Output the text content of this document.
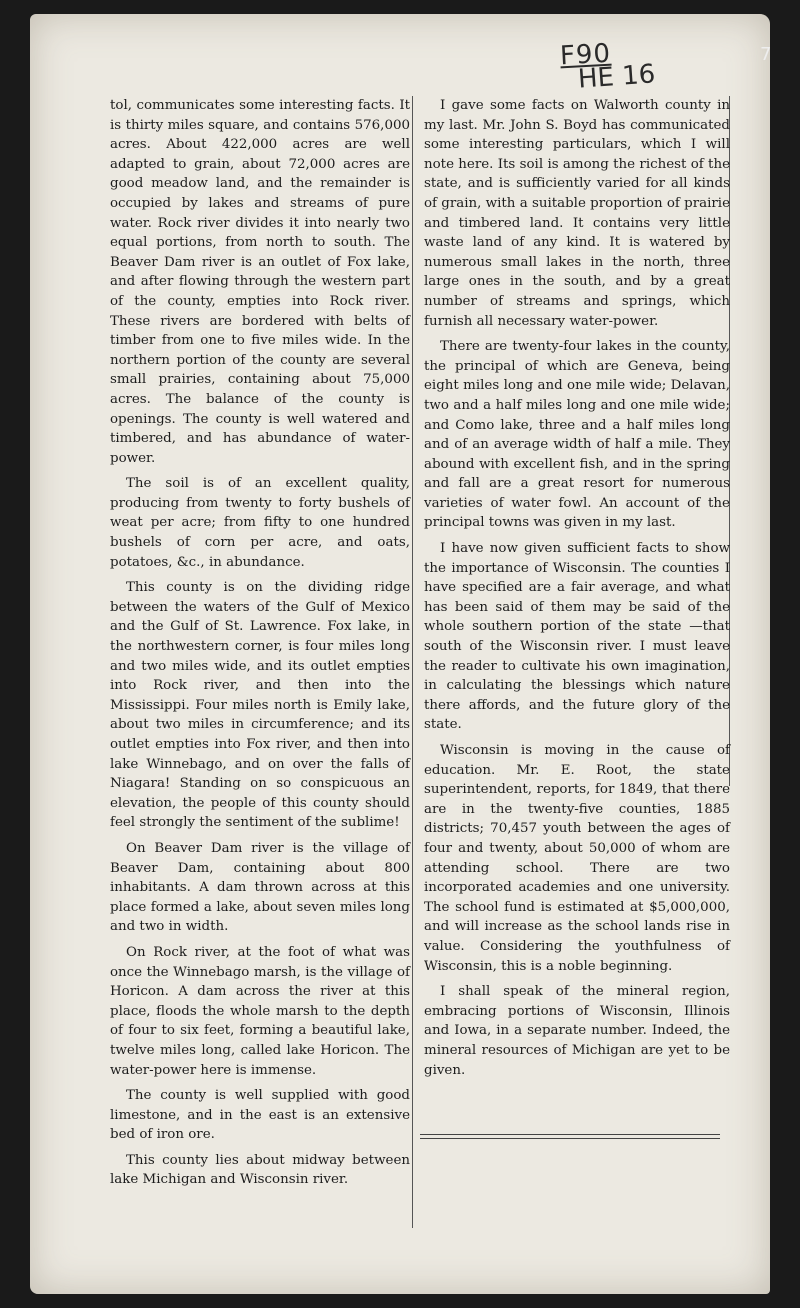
F90
HE 16
7

tol, communicates some interesting facts. It is thirty miles square, and contains 576,000 acres. About 422,000 acres are well adapted to grain, about 72,000 acres are good meadow land, and the remainder is occupied by lakes and streams of pure water. Rock river divides it into nearly two equal portions, from north to south. The Beaver Dam river is an outlet of Fox lake, and after flowing through the western part of the county, empties into Rock river. These rivers are bordered with belts of timber from one to five miles wide. In the northern portion of the county are several small prairies, containing about 75,000 acres. The balance of the county is openings. The county is well watered and timbered, and has abundance of water-power.

The soil is of an excellent quality, producing from twenty to forty bushels of weat per acre; from fifty to one hundred bushels of corn per acre, and oats, potatoes, &c., in abundance.

This county is on the dividing ridge between the waters of the Gulf of Mexico and the Gulf of St. Lawrence. Fox lake, in the northwestern corner, is four miles long and two miles wide, and its outlet empties into Rock river, and then into the Mississippi. Four miles north is Emily lake, about two miles in circumference; and its outlet empties into Fox river, and then into lake Winnebago, and on over the falls of Niagara! Standing on so conspicuous an elevation, the people of this county should feel strongly the sentiment of the sublime!

On Beaver Dam river is the village of Beaver Dam, containing about 800 inhabitants. A dam thrown across at this place formed a lake, about seven miles long and two in width.

On Rock river, at the foot of what was once the Winnebago marsh, is the village of Horicon. A dam across the river at this place, floods the whole marsh to the depth of four to six feet, forming a beautiful lake, twelve miles long, called lake Horicon. The water-power here is immense.

The county is well supplied with good limestone, and in the east is an extensive bed of iron ore.

This county lies about midway between lake Michigan and Wisconsin river.

I gave some facts on Walworth county in my last. Mr. John S. Boyd has communicated some interesting particulars, which I will note here. Its soil is among the richest of the state, and is sufficiently varied for all kinds of grain, with a suitable proportion of prairie and timbered land. It contains very little waste land of any kind. It is watered by numerous small lakes in the north, three large ones in the south, and by a great number of streams and springs, which furnish all necessary water-power.

There are twenty-four lakes in the county, the principal of which are Geneva, being eight miles long and one mile wide; Delavan, two and a half miles long and one mile wide; and Como lake, three and a half miles long and of an average width of half a mile. They abound with excellent fish, and in the spring and fall are a great resort for numerous varieties of water fowl. An account of the principal towns was given in my last.

I have now given sufficient facts to show the importance of Wisconsin. The counties I have specified are a fair average, and what has been said of them may be said of the whole southern portion of the state —that south of the Wisconsin river. I must leave the reader to cultivate his own imagination, in calculating the blessings which nature there affords, and the future glory of the state.

Wisconsin is moving in the cause of education. Mr. E. Root, the state superintendent, reports, for 1849, that there are in the twenty-five counties, 1885 districts; 70,457 youth between the ages of four and twenty, about 50,000 of whom are attending school. There are two incorporated academies and one university. The school fund is estimated at $5,000,000, and will increase as the school lands rise in value. Considering the youthfulness of Wisconsin, this is a noble beginning.

I shall speak of the mineral region, embracing portions of Wisconsin, Illinois and Iowa, in a separate number. Indeed, the mineral resources of Michigan are yet to be given.
